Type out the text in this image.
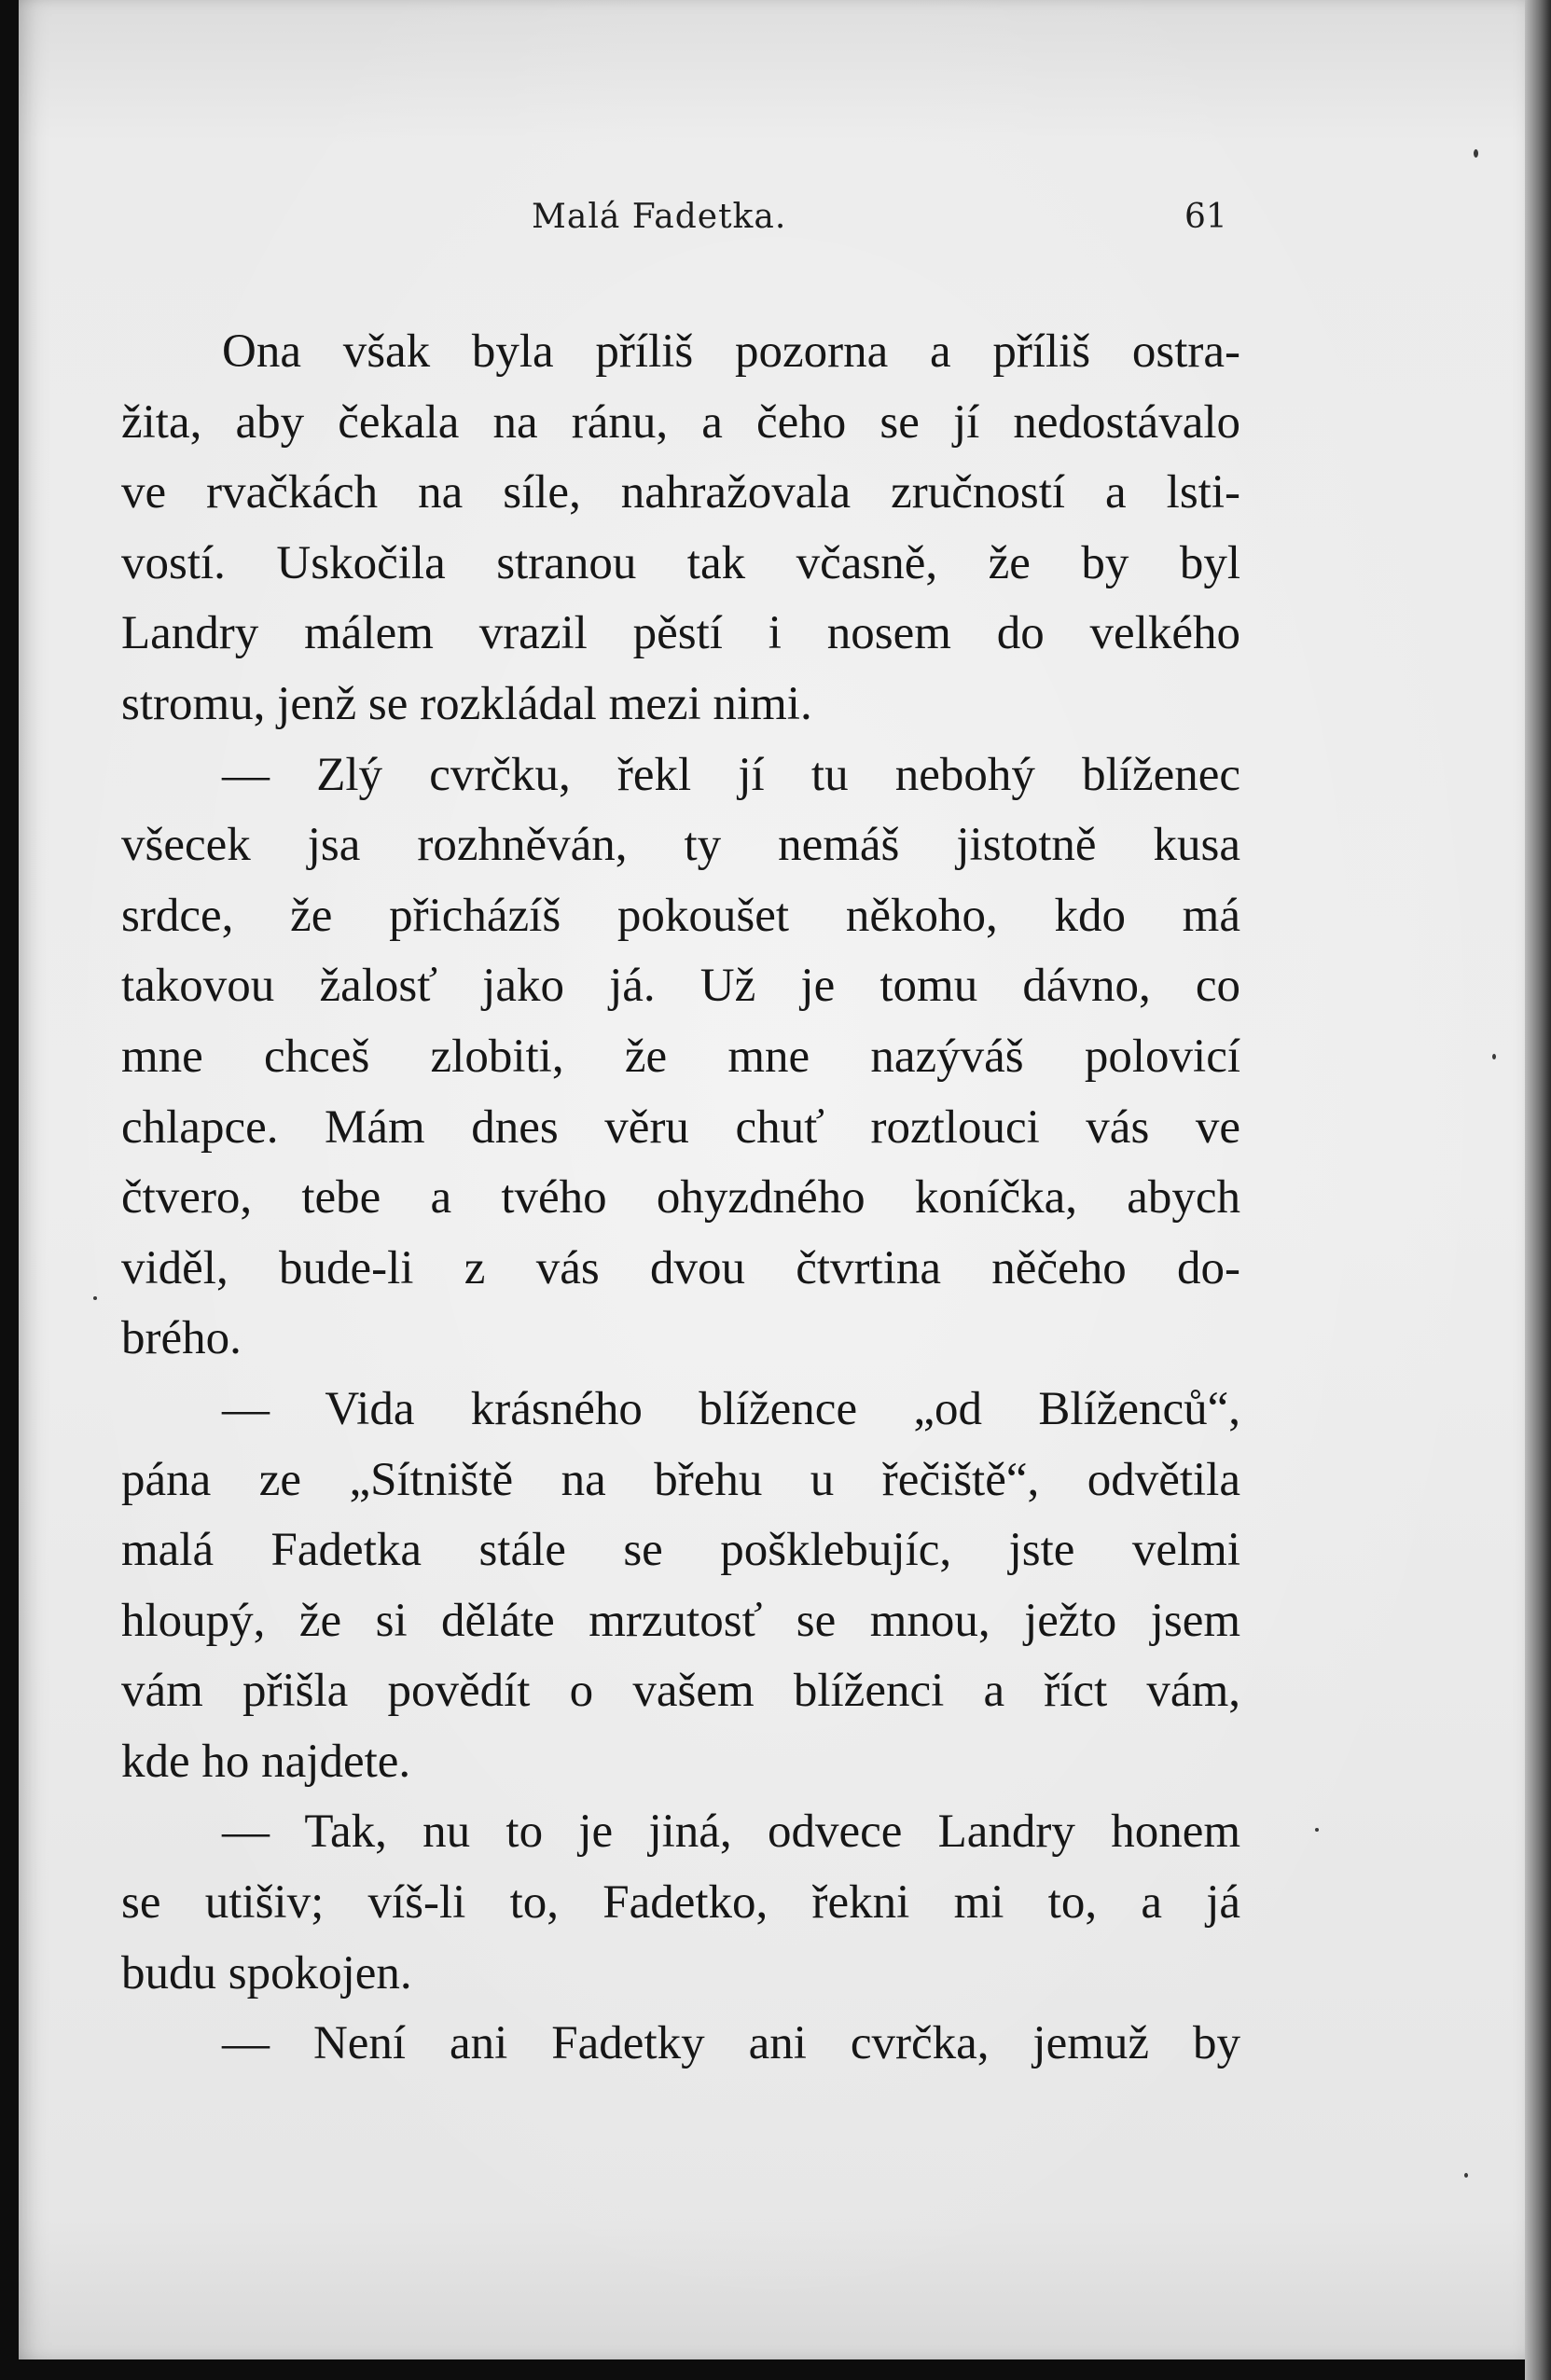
Malá Fadetka.	61
Ona však byla příliš pozorna a příliš ostra-
žita, aby čekala na ránu, a čeho se jí nedostávalo
ve rvačkách na síle, nahražovala zručností a lsti-
vostí. Uskočila stranou tak včasně, že by byl
Landry málem vrazil pěstí i nosem do velkého
stromu, jenž se rozkládal mezi nimi.
— Zlý cvrčku, řekl jí tu nebohý blíženec
všecek jsa rozhněván, ty nemáš jistotně kusa
srdce, že přicházíš pokoušet někoho, kdo má
takovou žalosť jako já. Už je tomu dávno, co
mne chceš zlobiti, že mne nazýváš polovicí
chlapce. Mám dnes věru chuť roztlouci vás ve
čtvero, tebe a tvého ohyzdného koníčka, abych
viděl, bude-li z vás dvou čtvrtina něčeho do-
brého.
— Vida krásného blížence „od Blíženců“,
pána ze „Sítniště na břehu u řečiště“, odvětila
malá Fadetka stále se pošklebujíc, jste velmi
hloupý, že si děláte mrzutosť se mnou, ježto jsem
vám přišla povědít o vašem blíženci a říct vám,
kde ho najdete.
— Tak, nu to je jiná, odvece Landry honem
se utišiv; víš-li to, Fadetko, řekni mi to, a já
budu spokojen.
— Není ani Fadetky ani cvrčka, jemuž by
